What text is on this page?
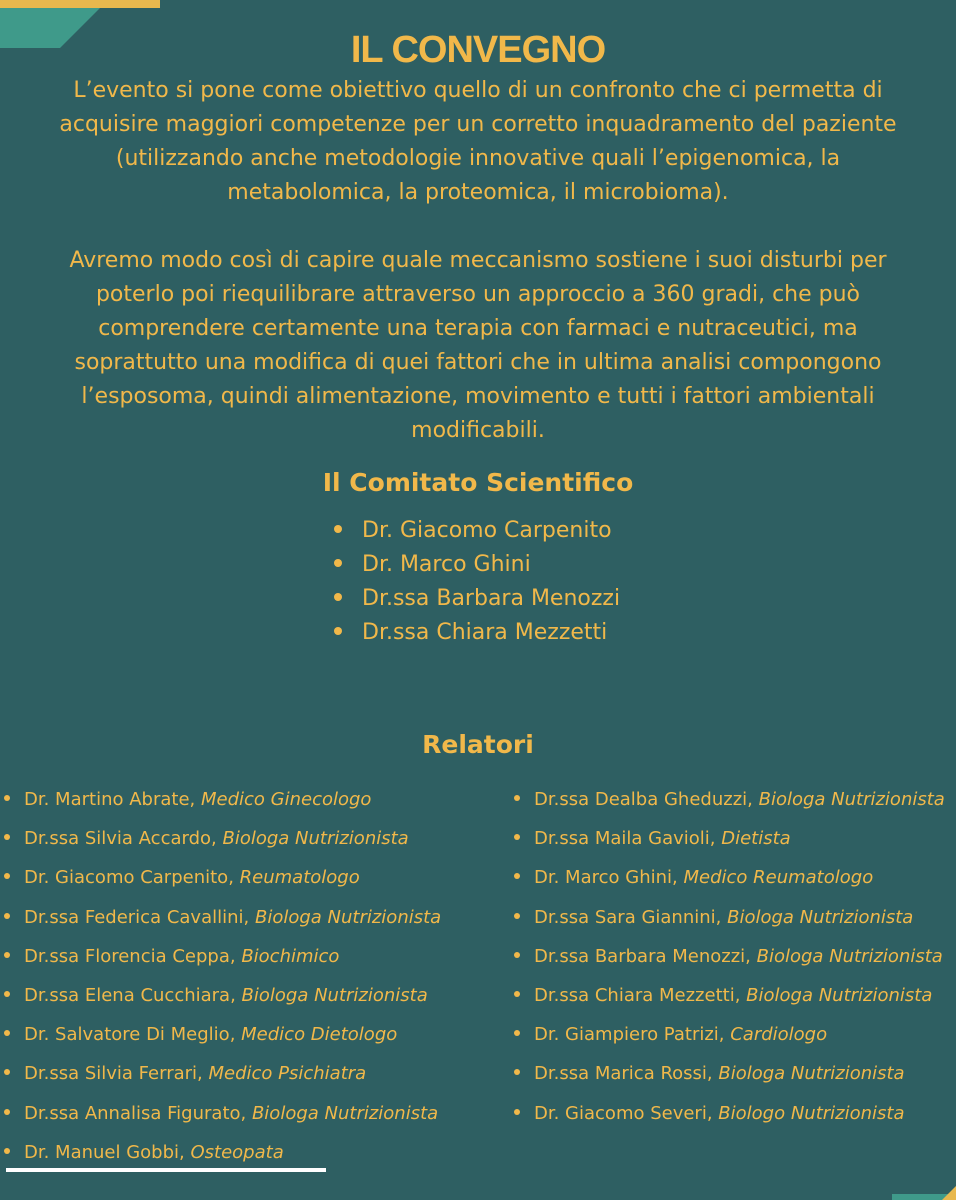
IL CONVEGNO

L’evento si pone come obiettivo quello di un confronto che ci permetta di acquisire maggiori competenze per un corretto inquadramento del paziente (utilizzando anche metodologie innovative quali l’epigenomica, la metabolomica, la proteomica, il microbioma).

Avremo modo così di capire quale meccanismo sostiene i suoi disturbi per poterlo poi riequilibrare attraverso un approccio a 360 gradi, che può comprendere certamente una terapia con farmaci e nutraceutici, ma soprattutto una modifica di quei fattori che in ultima analisi compongono l’esposoma, quindi alimentazione, movimento e tutti i fattori ambientali modificabili.

Il Comitato Scientifico
Dr. Giacomo Carpenito
Dr. Marco Ghini
Dr.ssa Barbara Menozzi
Dr.ssa Chiara Mezzetti
Relatori
Dr. Martino Abrate, Medico Ginecologo
Dr.ssa Silvia Accardo, Biologa Nutrizionista
Dr. Giacomo Carpenito, Reumatologo
Dr.ssa Federica Cavallini, Biologa Nutrizionista
Dr.ssa Florencia Ceppa, Biochimico
Dr.ssa Elena Cucchiara, Biologa Nutrizionista
Dr. Salvatore Di Meglio, Medico Dietologo
Dr.ssa Silvia Ferrari, Medico Psichiatra
Dr.ssa Annalisa Figurato, Biologa Nutrizionista
Dr. Manuel Gobbi, Osteopata
Dr.ssa Dealba Gheduzzi, Biologa Nutrizionista
Dr.ssa Maila Gavioli, Dietista
Dr. Marco Ghini, Medico Reumatologo
Dr.ssa Sara Giannini, Biologa Nutrizionista
Dr.ssa Barbara Menozzi, Biologa Nutrizionista
Dr.ssa Chiara Mezzetti, Biologa Nutrizionista
Dr. Giampiero Patrizi, Cardiologo
Dr.ssa Marica Rossi, Biologa Nutrizionista
Dr. Giacomo Severi, Biologo Nutrizionista
